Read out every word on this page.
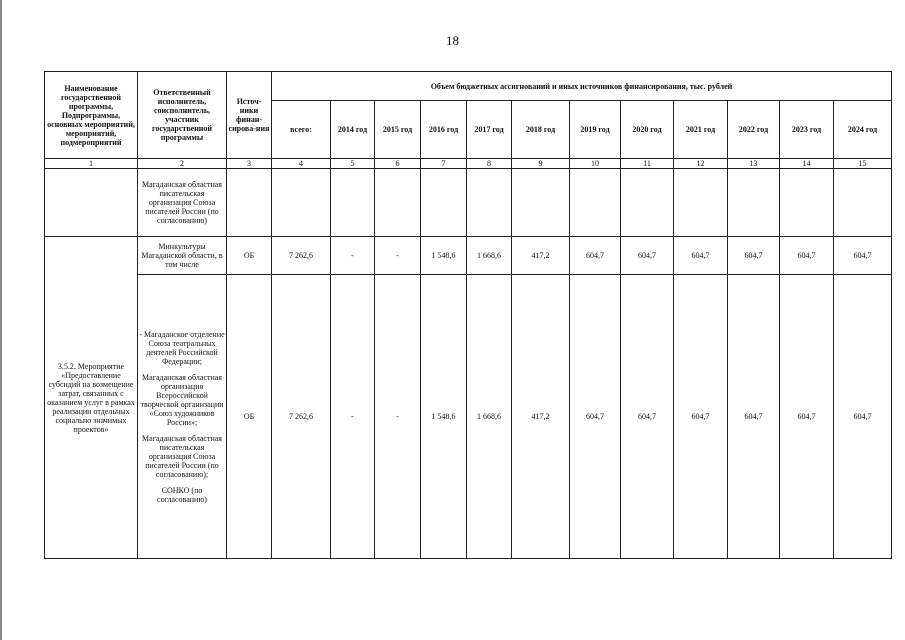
18
Наименование государственной программы, Подпрограммы, основных мероприятий, мероприятий, подмероприятий	Ответственный исполнитель, соисполнитель, участник государственной программы	Источ-ники финан-сирова-ния	Объем бюджетных ассигнований и иных источников финансирования, тыс. рублей											
			всего:	2014 год	2015 год	2016 год	2017 год	2018 год	2019 год	2020 год	2021 год	2022 год	2023 год	2024 год
1	2	3	4	5	6	7	8	9	10	11	12	13	14	15
	Магаданская областная писательская организация Союза писателей России (по согласованию)													
3.5.2. Мероприятие «Предоставление субсидий на возмещение затрат, связанных с оказанием услуг в рамках реализации отдельных социально значимых проектов»	Минкультуры Магаданской области, в том числе	ОБ	7 262,6	-	-	1 548,6	1 668,6	417,2	604,7	604,7	604,7	604,7	604,7	604,7

	- Магаданское отделение Союза театральных деятелей Российской Федерации;

Магаданская областная организация Всероссийской творческой организации «Союз художников России»;

Магаданская областная писательская организация Союза писателей России (по согласованию);

СОНКО (по согласованию)	ОБ	7 262,6	-	-	1 548,6	1 668,6	417,2	604,7	604,7	604,7	604,7	604,7	604,7
